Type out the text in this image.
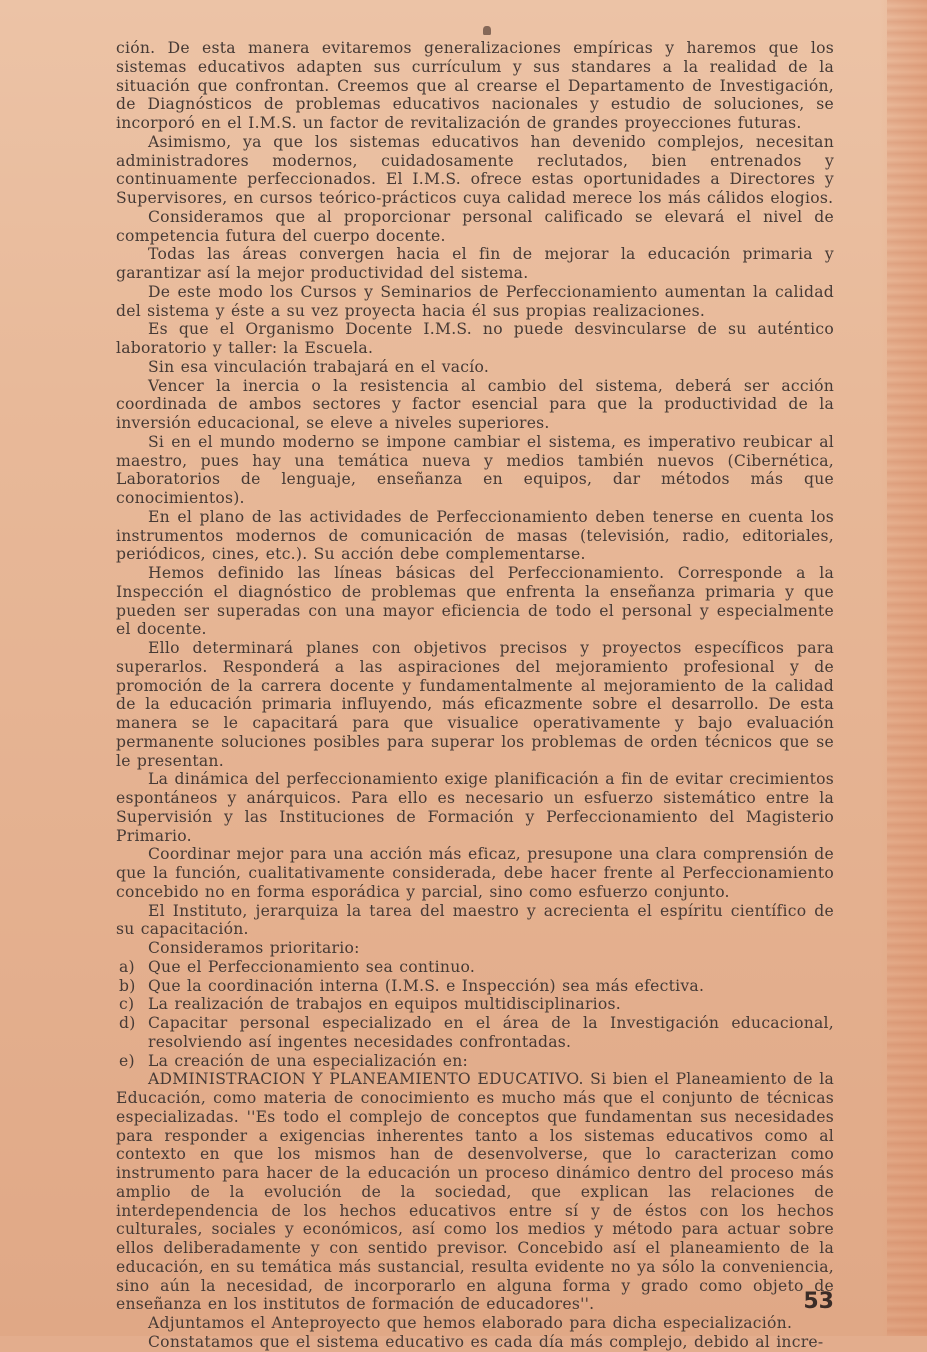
ción. De esta manera evitaremos generalizaciones empíricas y haremos que los sistemas educativos adapten sus currículum y sus standares a la realidad de la situación que confrontan. Creemos que al crearse el Departamento de Investigación, de Diagnósticos de problemas educativos nacionales y estudio de soluciones, se incorporó en el I.M.S. un factor de revitalización de grandes proyecciones futuras.

Asimismo, ya que los sistemas educativos han devenido complejos, necesitan administradores modernos, cuidadosamente reclutados, bien entrenados y continuamente perfeccionados. El I.M.S. ofrece estas oportunidades a Directores y Supervisores, en cursos teórico-prácticos cuya calidad merece los más cálidos elogios.

Consideramos que al proporcionar personal calificado se elevará el nivel de competencia futura del cuerpo docente.

Todas las áreas convergen hacia el fin de mejorar la educación primaria y garantizar así la mejor productividad del sistema.

De este modo los Cursos y Seminarios de Perfeccionamiento aumentan la calidad del sistema y éste a su vez proyecta hacia él sus propias realizaciones.

Es que el Organismo Docente I.M.S. no puede desvincularse de su auténtico laboratorio y taller: la Escuela.

Sin esa vinculación trabajará en el vacío.

Vencer la inercia o la resistencia al cambio del sistema, deberá ser acción coordinada de ambos sectores y factor esencial para que la productividad de la inversión educacional, se eleve a niveles superiores.

Si en el mundo moderno se impone cambiar el sistema, es imperativo reubicar al maestro, pues hay una temática nueva y medios también nuevos (Cibernética, Laboratorios de lenguaje, enseñanza en equipos, dar métodos más que conocimientos).

En el plano de las actividades de Perfeccionamiento deben tenerse en cuenta los instrumentos modernos de comunicación de masas (televisión, radio, editoriales, periódicos, cines, etc.). Su acción debe complementarse.

Hemos definido las líneas básicas del Perfeccionamiento. Corresponde a la Inspección el diagnóstico de problemas que enfrenta la enseñanza primaria y que pueden ser superadas con una mayor eficiencia de todo el personal y especialmente el docente.

Ello determinará planes con objetivos precisos y proyectos específicos para superarlos. Responderá a las aspiraciones del mejoramiento profesional y de promoción de la carrera docente y fundamentalmente al mejoramiento de la calidad de la educación primaria influyendo, más eficazmente sobre el desarrollo. De esta manera se le capacitará para que visualice operativamente y bajo evaluación permanente soluciones posibles para superar los problemas de orden técnicos que se le presentan.

La dinámica del perfeccionamiento exige planificación a fin de evitar crecimientos espontáneos y anárquicos. Para ello es necesario un esfuerzo sistemático entre la Supervisión y las Instituciones de Formación y Perfeccionamiento del Magisterio Primario.

Coordinar mejor para una acción más eficaz, presupone una clara comprensión de que la función, cualitativamente considerada, debe hacer frente al Perfeccionamiento concebido no en forma esporádica y parcial, sino como esfuerzo conjunto.

El Instituto, jerarquiza la tarea del maestro y acrecienta el espíritu científico de su capacitación.

Consideramos prioritario:

a) Que el Perfeccionamiento sea continuo.
b) Que la coordinación interna (I.M.S. e Inspección) sea más efectiva.
c) La realización de trabajos en equipos multidisciplinarios.
d) Capacitar personal especializado en el área de la Investigación educacional, resolviendo así ingentes necesidades confrontadas.
e) La creación de una especialización en:

ADMINISTRACION Y PLANEAMIENTO EDUCATIVO. Si bien el Planeamiento de la Educación, como materia de conocimiento es mucho más que el conjunto de técnicas especializadas. ''Es todo el complejo de conceptos que fundamentan sus necesidades para responder a exigencias inherentes tanto a los sistemas educativos como al contexto en que los mismos han de desenvolverse, que lo caracterizan como instrumento para hacer de la educación un proceso dinámico dentro del proceso más amplio de la evolución de la sociedad, que explican las relaciones de interdependencia de los hechos educativos entre sí y de éstos con los hechos culturales, sociales y económicos, así como los medios y método para actuar sobre ellos deliberadamente y con sentido previsor. Concebido así el planeamiento de la educación, en su temática más sustancial, resulta evidente no ya sólo la conveniencia, sino aún la necesidad, de incorporarlo en alguna forma y grado como objeto de enseñanza en los institutos de formación de educadores''.

Adjuntamos el Anteproyecto que hemos elaborado para dicha especialización.

Constatamos que el sistema educativo es cada día más complejo, debido al incre-

53
